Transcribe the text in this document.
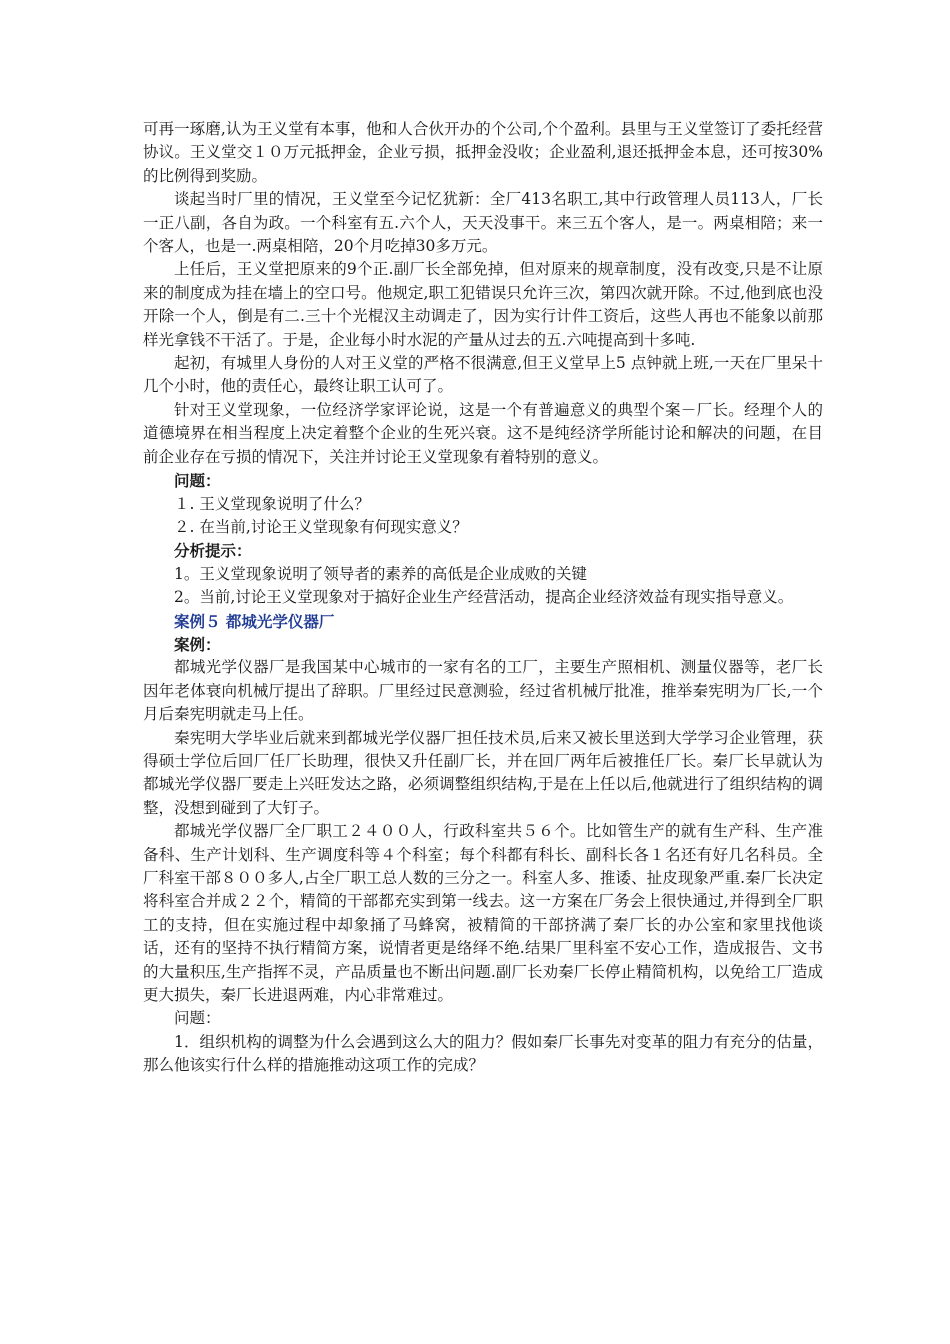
可再一琢磨,认为王义堂有本事，他和人合伙开办的个公司,个个盈利。县里与王义堂签订了委托经营协议。王义堂交１０万元抵押金，企业亏损，抵押金没收；企业盈利,退还抵押金本息，还可按30%的比例得到奖励。

谈起当时厂里的情况，王义堂至今记忆犹新：全厂413名职工,其中行政管理人员113人，厂长一正八副，各自为政。一个科室有五.六个人，天天没事干。来三五个客人，是一。两桌相陪；来一个客人，也是一.两桌相陪，20个月吃掉30多万元。

上任后，王义堂把原来的9个正.副厂长全部免掉，但对原来的规章制度，没有改变,只是不让原来的制度成为挂在墙上的空口号。他规定,职工犯错误只允许三次，第四次就开除。不过,他到底也没开除一个人，倒是有二.三十个光棍汉主动调走了，因为实行计件工资后，这些人再也不能象以前那样光拿钱不干活了。于是，企业每小时水泥的产量从过去的五.六吨提高到十多吨.

起初，有城里人身份的人对王义堂的严格不很满意,但王义堂早上5 点钟就上班,一天在厂里呆十几个小时，他的责任心，最终让职工认可了。

针对王义堂现象，一位经济学家评论说，这是一个有普遍意义的典型个案－厂长。经理个人的道德境界在相当程度上决定着整个企业的生死兴衰。这不是纯经济学所能讨论和解决的问题，在目前企业存在亏损的情况下，关注并讨论王义堂现象有着特别的意义。

问题：

１. 王义堂现象说明了什么？

２. 在当前,讨论王义堂现象有何现实意义？

分析提示：

1。王义堂现象说明了领导者的素养的高低是企业成败的关键

2。当前,讨论王义堂现象对于搞好企业生产经营活动，提高企业经济效益有现实指导意义。

案例５ 都城光学仪器厂

案例：

都城光学仪器厂是我国某中心城市的一家有名的工厂，主要生产照相机、测量仪器等，老厂长因年老体衰向机械厅提出了辞职。厂里经过民意测验，经过省机械厅批准，推举秦宪明为厂长,一个月后秦宪明就走马上任。

秦宪明大学毕业后就来到都城光学仪器厂担任技术员,后来又被长里送到大学学习企业管理，获得硕士学位后回厂任厂长助理，很快又升任副厂长，并在回厂两年后被推任厂长。秦厂长早就认为都城光学仪器厂要走上兴旺发达之路，必须调整组织结构,于是在上任以后,他就进行了组织结构的调整，没想到碰到了大钉子。

都城光学仪器厂全厂职工２４００人，行政科室共５６个。比如管生产的就有生产科、生产准备科、生产计划科、生产调度科等４个科室；每个科都有科长、副科长各１名还有好几名科员。全厂科室干部８００多人,占全厂职工总人数的三分之一。科室人多、推诿、扯皮现象严重.秦厂长决定将科室合并成２２个，精简的干部都充实到第一线去。这一方案在厂务会上很快通过,并得到全厂职工的支持，但在实施过程中却象捅了马蜂窝，被精简的干部挤满了秦厂长的办公室和家里找他谈话，还有的坚持不执行精简方案，说情者更是络绎不绝.结果厂里科室不安心工作，造成报告、文书的大量积压,生产指挥不灵，产品质量也不断出问题.副厂长劝秦厂长停止精简机构，以免给工厂造成更大损失，秦厂长进退两难，内心非常难过。

问题：

1．组织机构的调整为什么会遇到这么大的阻力？假如秦厂长事先对变革的阻力有充分的估量，那么他该实行什么样的措施推动这项工作的完成？
